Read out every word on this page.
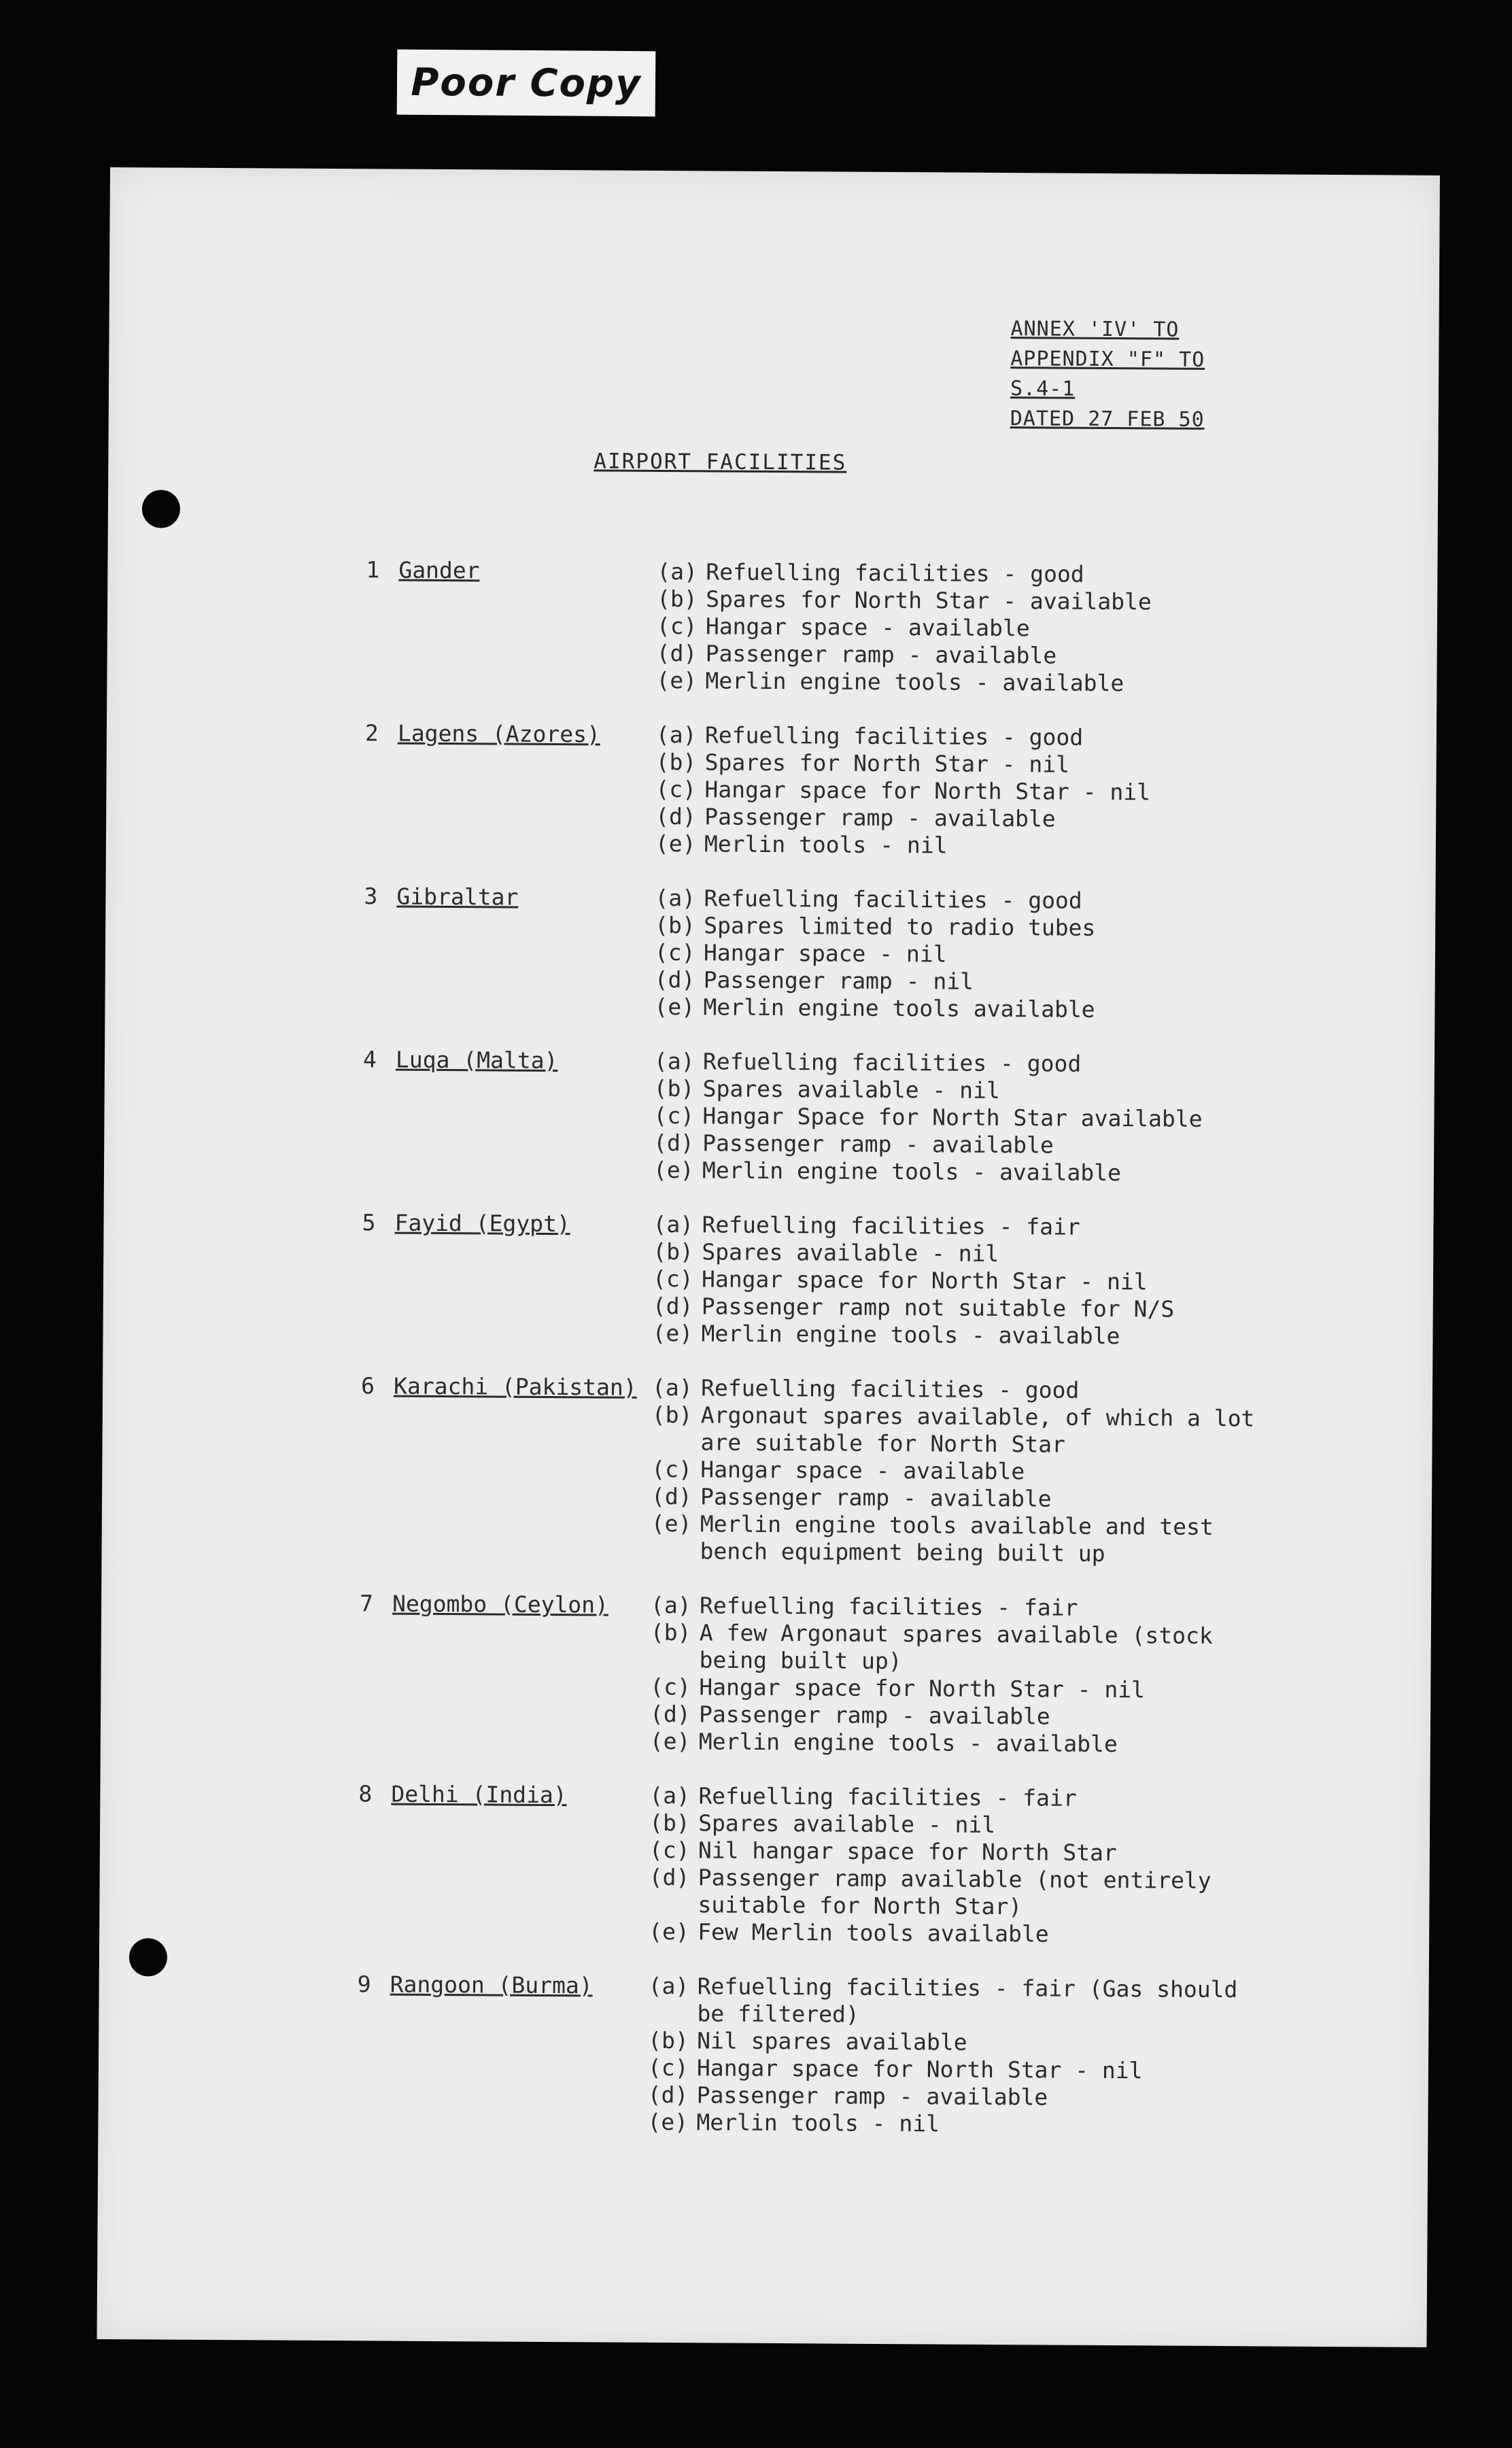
Poor Copy
ANNEX 'IV' TO
APPENDIX "F" TO
S.4-1
DATED 27 FEB 50
AIRPORT FACILITIES
1 Gander	(a) Refuelling facilities - good
(b) Spares for North Star - available
(c) Hangar space - available
(d) Passenger ramp - available
(e) Merlin engine tools - available
2 Lagens (Azores)	(a) Refuelling facilities - good
(b) Spares for North Star - nil
(c) Hangar space for North Star - nil
(d) Passenger ramp - available
(e) Merlin tools - nil
3 Gibraltar	(a) Refuelling facilities - good
(b) Spares limited to radio tubes
(c) Hangar space - nil
(d) Passenger ramp - nil
(e) Merlin engine tools available
4 Luqa (Malta)	(a) Refuelling facilities - good
(b) Spares available - nil
(c) Hangar Space for North Star available
(d) Passenger ramp - available
(e) Merlin engine tools - available
5 Fayid (Egypt)	(a) Refuelling facilities - fair
(b) Spares available - nil
(c) Hangar space for North Star - nil
(d) Passenger ramp not suitable for N/S
(e) Merlin engine tools - available
6 Karachi (Pakistan) (a) Refuelling facilities - good
(b) Argonaut spares available, of which a lot are suitable for North Star
(c) Hangar space - available
(d) Passenger ramp - available
(e) Merlin engine tools available and test bench equipment being built up
7 Negombo (Ceylon)	(a) Refuelling facilities - fair
(b) A few Argonaut spares available (stock being built up)
(c) Hangar space for North Star - nil
(d) Passenger ramp - available
(e) Merlin engine tools - available
8 Delhi (India)	(a) Refuelling facilities - fair
(b) Spares available - nil
(c) Nil hangar space for North Star
(d) Passenger ramp available (not entirely suitable for North Star)
(e) Few Merlin tools available
9 Rangoon (Burma)	(a) Refuelling facilities - fair (Gas should be filtered)
(b) Nil spares available
(c) Hangar space for North Star - nil
(d) Passenger ramp - available
(e) Merlin tools - nil
